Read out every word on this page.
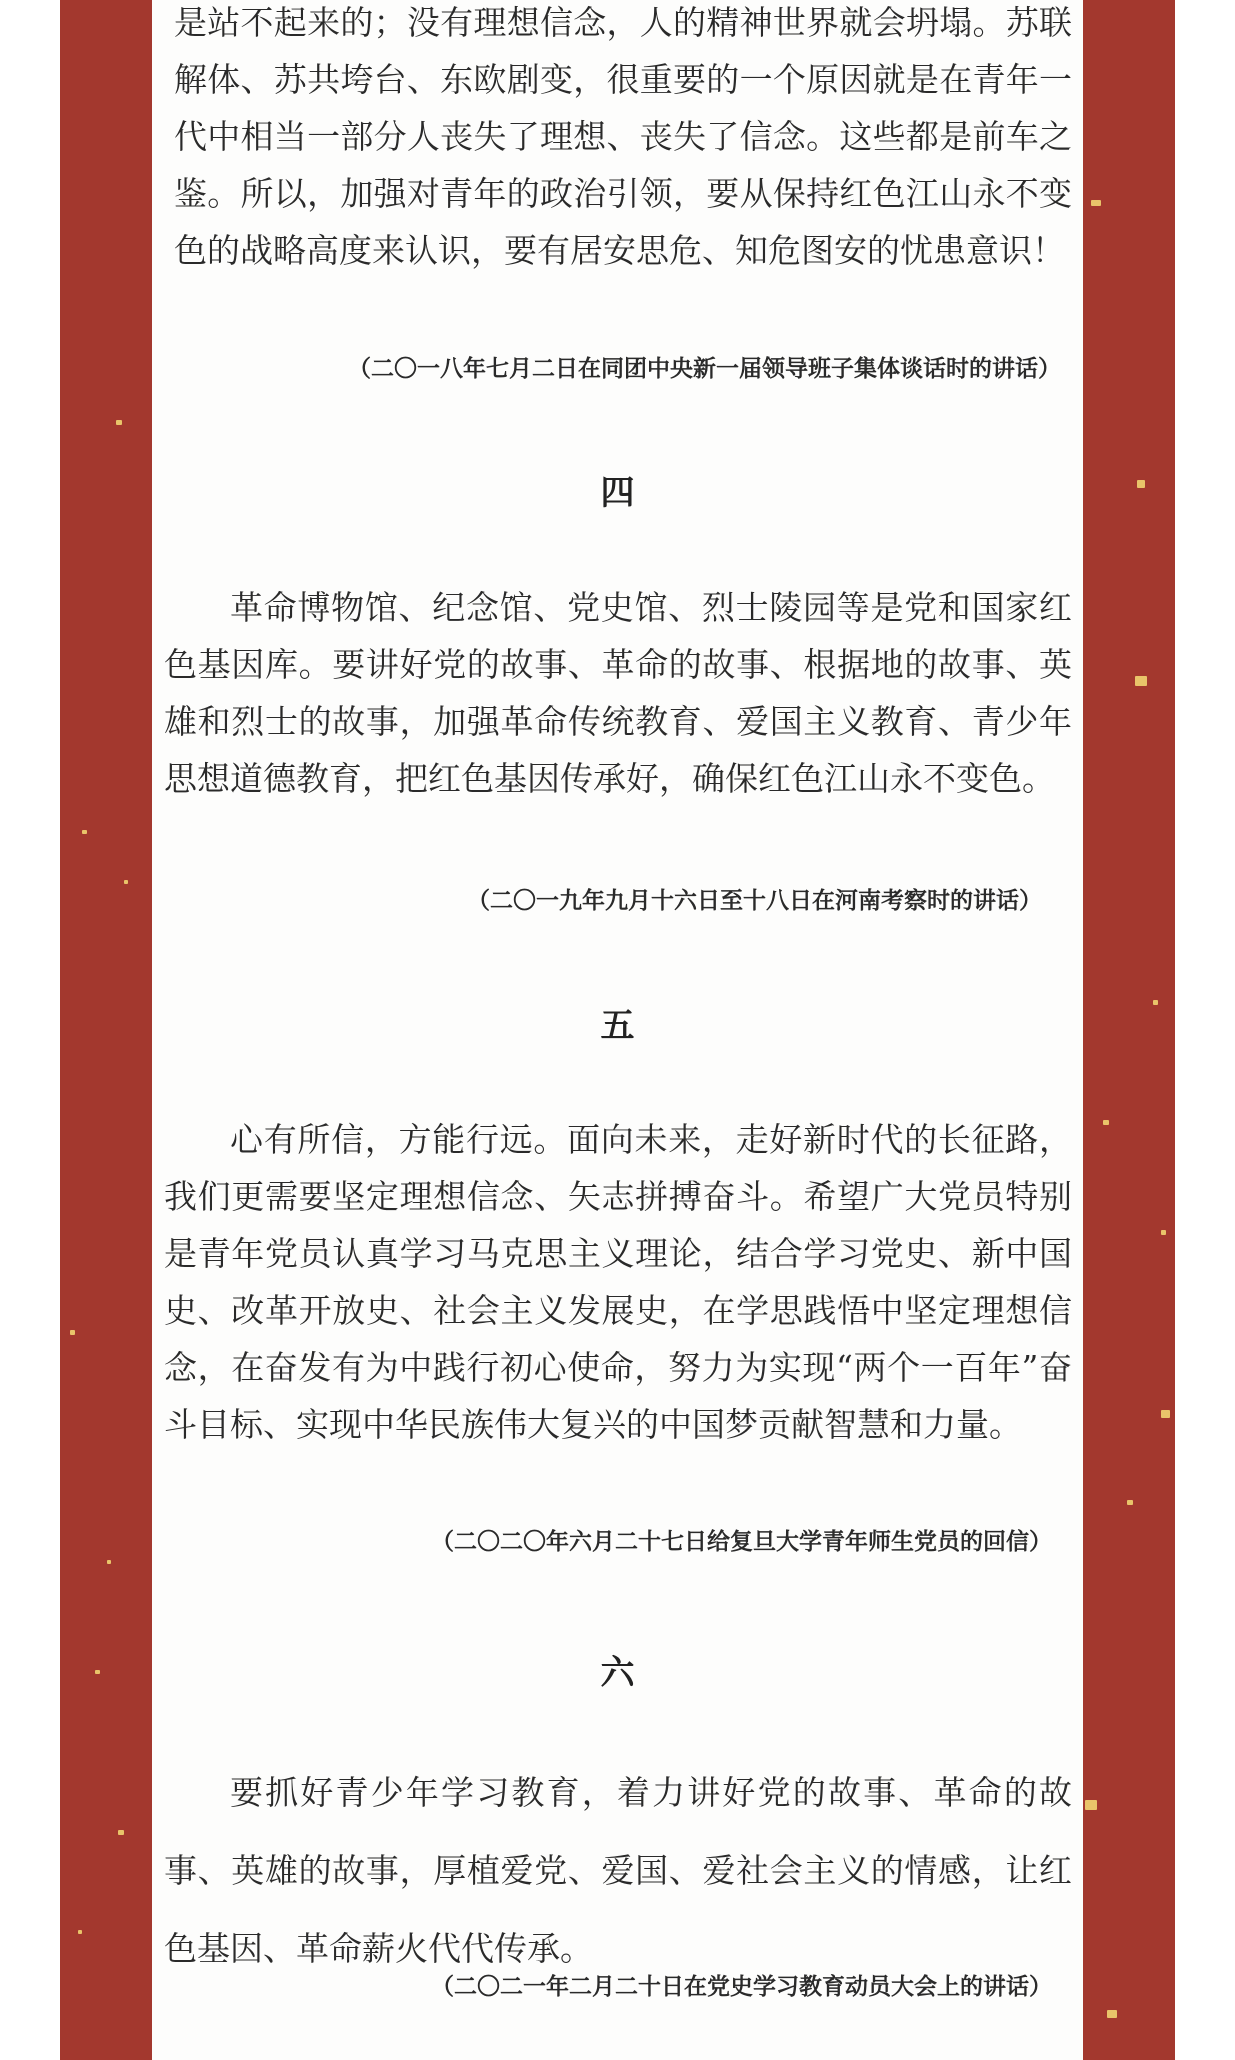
是站不起来的；没有理想信念，人的精神世界就会坍塌。苏联解体、苏共垮台、东欧剧变，很重要的一个原因就是在青年一代中相当一部分人丧失了理想、丧失了信念。这些都是前车之鉴。所以，加强对青年的政治引领，要从保持红色江山永不变色的战略高度来认识，要有居安思危、知危图安的忧患意识！

（二〇一八年七月二日在同团中央新一届领导班子集体谈话时的讲话）
四

革命博物馆、纪念馆、党史馆、烈士陵园等是党和国家红色基因库。要讲好党的故事、革命的故事、根据地的故事、英雄和烈士的故事，加强革命传统教育、爱国主义教育、青少年思想道德教育，把红色基因传承好，确保红色江山永不变色。

（二〇一九年九月十六日至十八日在河南考察时的讲话）
五

心有所信，方能行远。面向未来，走好新时代的长征路，我们更需要坚定理想信念、矢志拼搏奋斗。希望广大党员特别是青年党员认真学习马克思主义理论，结合学习党史、新中国史、改革开放史、社会主义发展史，在学思践悟中坚定理想信念，在奋发有为中践行初心使命，努力为实现“两个一百年”奋斗目标、实现中华民族伟大复兴的中国梦贡献智慧和力量。

（二〇二〇年六月二十七日给复旦大学青年师生党员的回信）
六

要抓好青少年学习教育，着力讲好党的故事、革命的故事、英雄的故事，厚植爱党、爱国、爱社会主义的情感，让红色基因、革命薪火代代传承。

（二〇二一年二月二十日在党史学习教育动员大会上的讲话）
